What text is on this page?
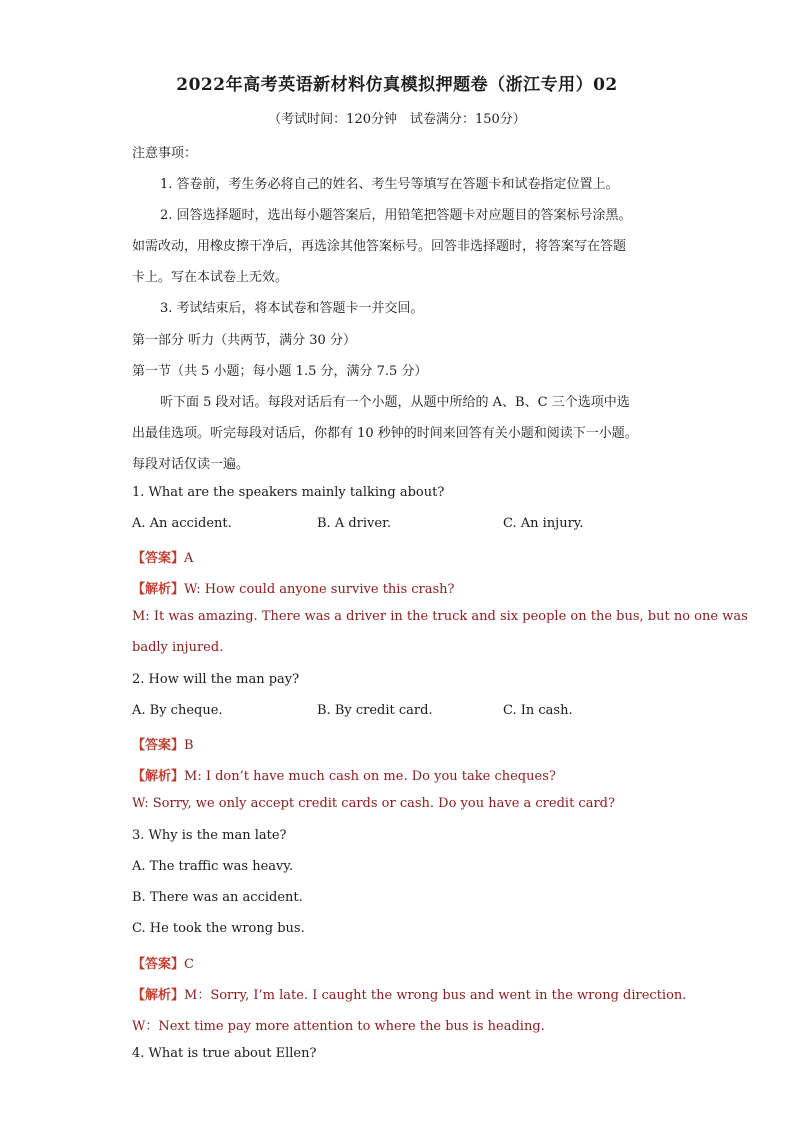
2022年高考英语新材料仿真模拟押题卷（浙江专用）02
（考试时间：120分钟　试卷满分：150分）
注意事项：
1. 答卷前，考生务必将自己的姓名、考生号等填写在答题卡和试卷指定位置上。
2. 回答选择题时，选出每小题答案后，用铅笔把答题卡对应题目的答案标号涂黑。
如需改动，用橡皮擦干净后，再选涂其他答案标号。回答非选择题时，将答案写在答题
卡上。写在本试卷上无效。
3. 考试结束后，将本试卷和答题卡一并交回。
第一部分 听力（共两节，满分 30 分）
第一节（共 5 小题；每小题 1.5 分，满分 7.5 分）
听下面 5 段对话。每段对话后有一个小题，从题中所给的 A、B、C 三个选项中选
出最佳选项。听完每段对话后，你都有 10 秒钟的时间来回答有关小题和阅读下一小题。
每段对话仅读一遍。
1. What are the speakers mainly talking about?
A. An accident.	B. A driver.	C. An injury.
【答案】A
【解析】W: How could anyone survive this crash?
M: It was amazing. There was a driver in the truck and six people on the bus, but no one was
badly injured.
2. How will the man pay?
A. By cheque.	B. By credit card.	C. In cash.
【答案】B
【解析】M: I don’t have much cash on me. Do you take cheques?
W: Sorry, we only accept credit cards or cash. Do you have a credit card?
3. Why is the man late?
A. The traffic was heavy.
B. There was an accident.
C. He took the wrong bus.
【答案】C
【解析】M：Sorry, I’m late. I caught the wrong bus and went in the wrong direction.
W：Next time pay more attention to where the bus is heading.
4. What is true about Ellen?
